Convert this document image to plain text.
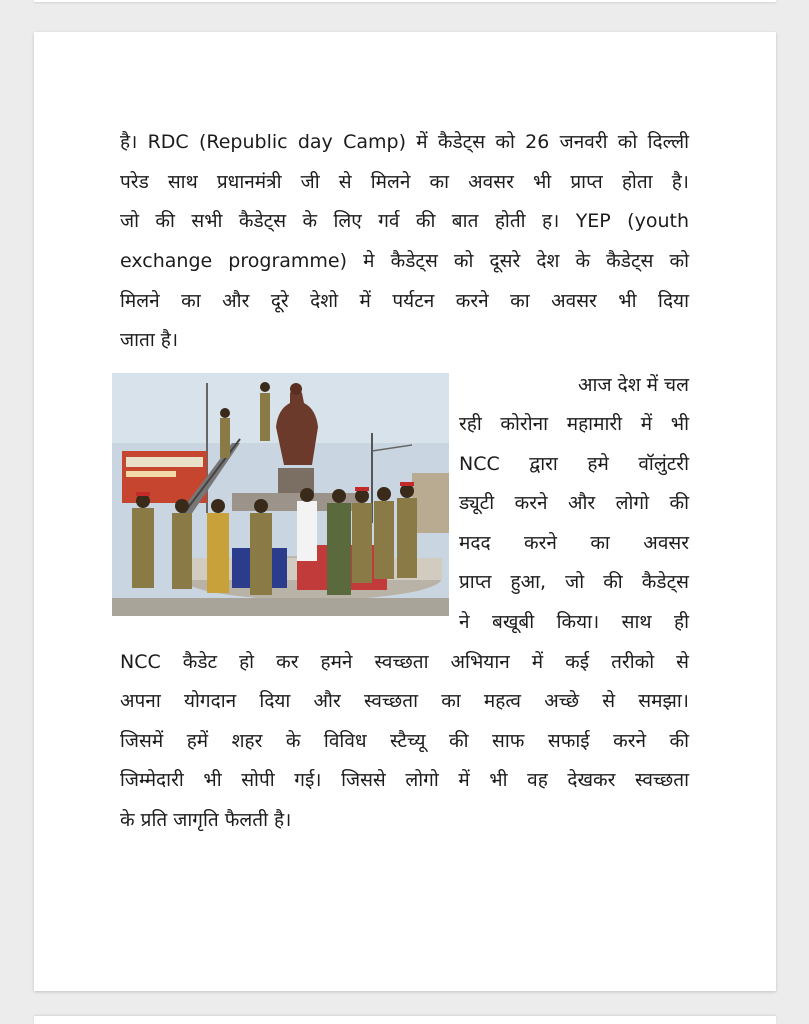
है। RDC (Republic day Camp) में कैडेट्स को 26 जनवरी को दिल्ली

परेड साथ प्रधानमंत्री जी से मिलने का अवसर भी प्राप्त होता है।

जो की सभी कैडेट्स के लिए गर्व की बात होती ह। YEP (youth

exchange programme) मे कैडेट्स को दूसरे देश के कैडेट्स को

मिलने का और दूरे देशो में पर्यटन करने का अवसर भी दिया

जाता है।

आज देश में चल

रही कोरोना महामारी में भी

NCC द्वारा हमे वॉलुंटरी

ड्यूटी करने और लोगो की

मदद करने का अवसर

प्राप्त हुआ, जो की कैडेट्स

ने बखूबी किया। साथ ही

NCC कैडेट हो कर हमने स्वच्छता अभियान में कई तरीको से

अपना योगदान दिया और स्वच्छता का महत्व अच्छे से समझा।

जिसमें हमें शहर के विविध स्टैच्यू की साफ सफाई करने की

जिम्मेदारी भी सोपी गई। जिससे लोगो में भी वह देखकर स्वच्छता

के प्रति जागृति फैलती है।
